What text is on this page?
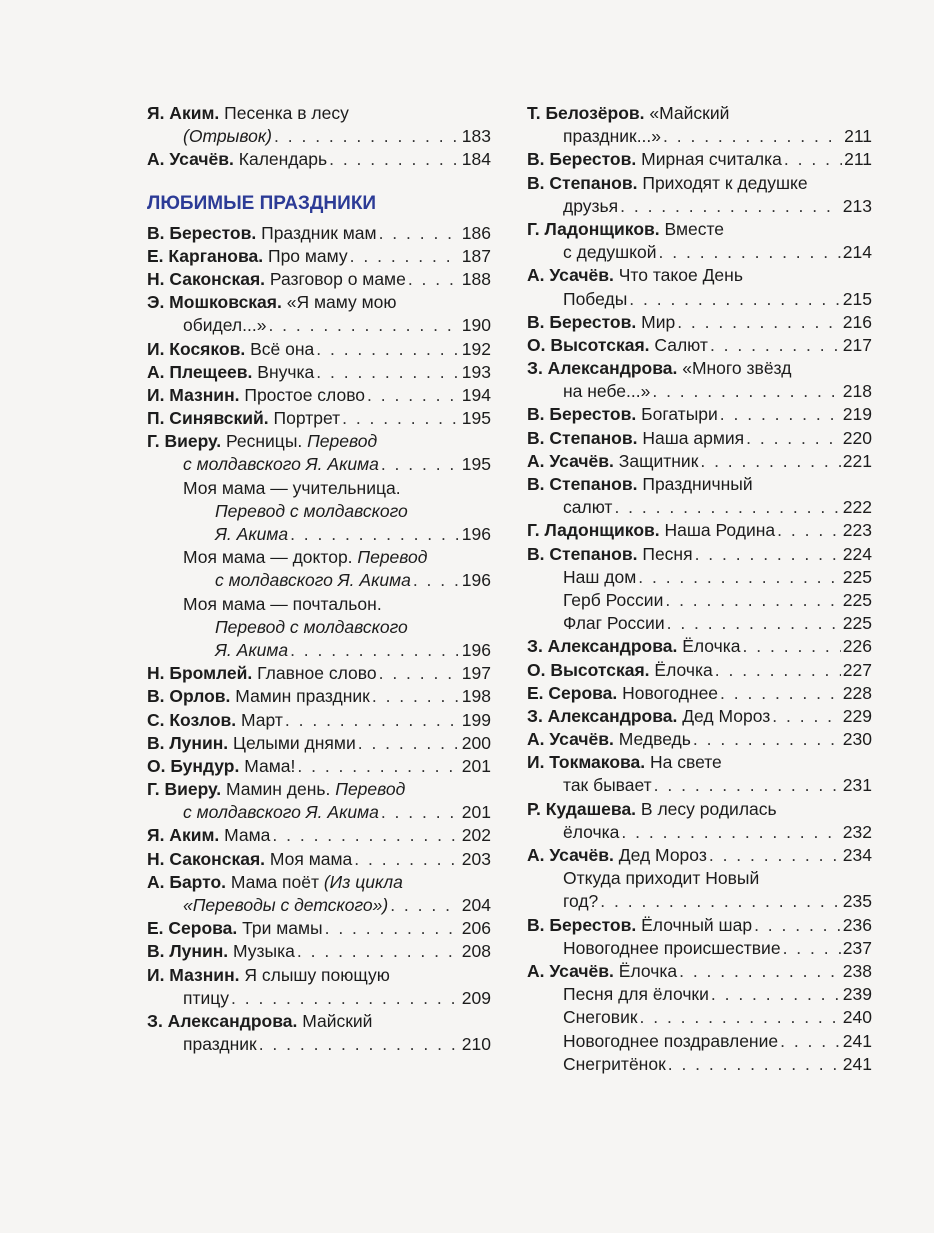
Я. Аким. Песенка в лесу
(Отрывок) . . .	183
А. Усачёв. Календарь . . .	184
ЛЮБИМЫЕ ПРАЗДНИКИ
В. Берестов. Праздник мам . . .	186
Е. Карганова. Про маму . . .	187
Н. Саконская. Разговор о маме . . .	188
Э. Мошковская. «Я маму мою
обидел...» . . .	190
И. Косяков. Всё она . . .	192
А. Плещеев. Внучка . . .	193
И. Мазнин. Простое слово . . .	194
П. Синявский. Портрет . . .	195
Г. Виеру. Ресницы. Перевод
с молдавского Я. Акима . . .	195
Моя мама — учительница.
Перевод с молдавского
Я. Акима . . .	196
Моя мама — доктор. Перевод
с молдавского Я. Акима . . .	196
Моя мама — почтальон.
Перевод с молдавского
Я. Акима . . .	196
Н. Бромлей. Главное слово . . .	197
В. Орлов. Мамин праздник . . .	198
С. Козлов. Март . . .	199
В. Лунин. Целыми днями . . .	200
О. Бундур. Мама! . . .	201
Г. Виеру. Мамин день. Перевод
с молдавского Я. Акима . . .	201
Я. Аким. Мама . . .	202
Н. Саконская. Моя мама . . .	203
А. Барто. Мама поёт (Из цикла
«Переводы с детского») . . .	204
Е. Серова. Три мамы . . .	206
В. Лунин. Музыка . . .	208
И. Мазнин. Я слышу поющую
птицу . . .	209
З. Александрова. Майский
праздник . . .	210
Т. Белозёров. «Майский
праздник...» . . .	211
В. Берестов. Мирная считалка . . .	211
В. Степанов. Приходят к дедушке
друзья . . .	213
Г. Ладонщиков. Вместе
с дедушкой . . .	214
А. Усачёв. Что такое День
Победы . . .	215
В. Берестов. Мир . . .	216
О. Высотская. Салют . . .	217
З. Александрова. «Много звёзд
на небе...» . . .	218
В. Берестов. Богатыри . . .	219
В. Степанов. Наша армия . . .	220
А. Усачёв. Защитник . . .	221
В. Степанов. Праздничный
салют . . .	222
Г. Ладонщиков. Наша Родина . . .	223
В. Степанов. Песня . . .	224
Наш дом . . .	225
Герб России . . .	225
Флаг России . . .	225
З. Александрова. Ёлочка . . .	226
О. Высотская. Ёлочка . . .	227
Е. Серова. Новогоднее . . .	228
З. Александрова. Дед Мороз . . .	229
А. Усачёв. Медведь . . .	230
И. Токмакова. На свете
так бывает . . .	231
Р. Кудашева. В лесу родилась
ёлочка . . .	232
А. Усачёв. Дед Мороз . . .	234
Откуда приходит Новый
год? . . .	235
В. Берестов. Ёлочный шар . . .	236
Новогоднее происшествие . . .	237
А. Усачёв. Ёлочка . . .	238
Песня для ёлочки . . .	239
Снеговик . . .	240
Новогоднее поздравление . . .	241
Снегритёнок . . .	241
